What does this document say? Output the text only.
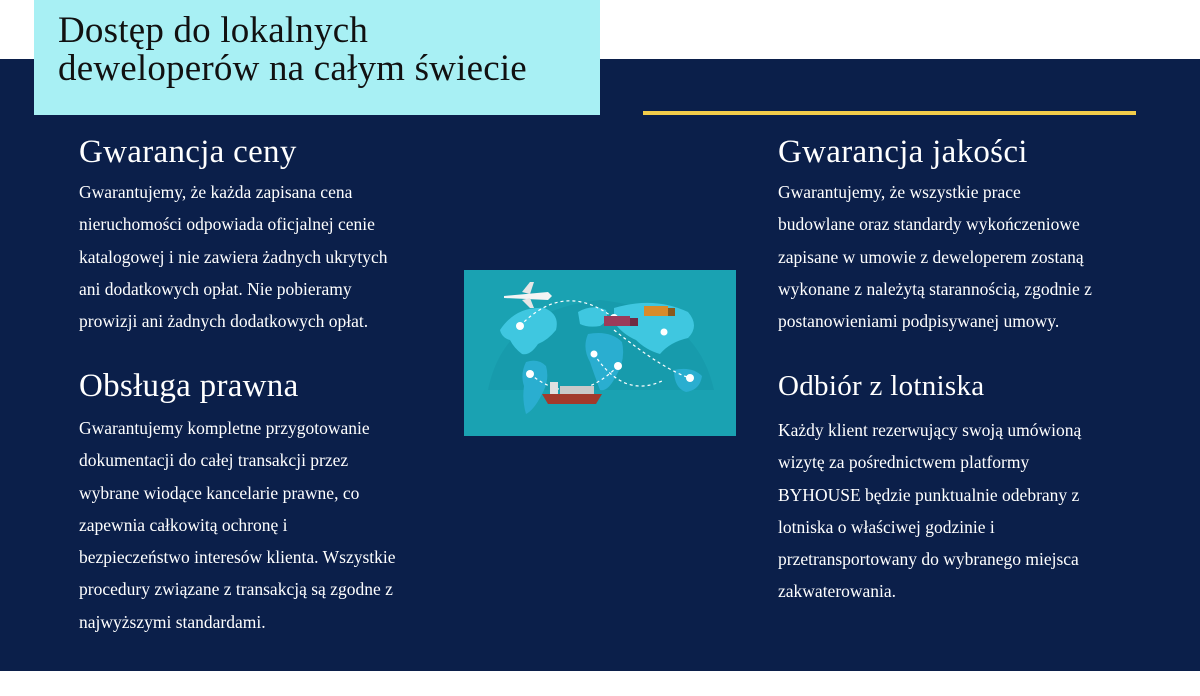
Dostęp do lokalnych
deweloperów na całym świecie
Gwarancja ceny

Gwarantujemy, że każda zapisana cena
nieruchomości odpowiada oficjalnej cenie
katalogowej i nie zawiera żadnych ukrytych
ani dodatkowych opłat. Nie pobieramy
prowizji ani żadnych dodatkowych opłat.

Obsługa prawna

Gwarantujemy kompletne przygotowanie
dokumentacji do całej transakcji przez
wybrane wiodące kancelarie prawne, co
zapewnia całkowitą ochronę i
bezpieczeństwo interesów klienta. Wszystkie
procedury związane z transakcją są zgodne z
najwyższymi standardami.

Gwarancja jakości

Gwarantujemy, że wszystkie prace
budowlane oraz standardy wykończeniowe
zapisane w umowie z deweloperem zostaną
wykonane z należytą starannością, zgodnie z
postanowieniami podpisywanej umowy.

Odbiór z lotniska

Każdy klient rezerwujący swoją umówioną
wizytę za pośrednictwem platformy
BYHOUSE będzie punktualnie odebrany z
lotniska o właściwej godzinie i
przetransportowany do wybranego miejsca
zakwaterowania.
